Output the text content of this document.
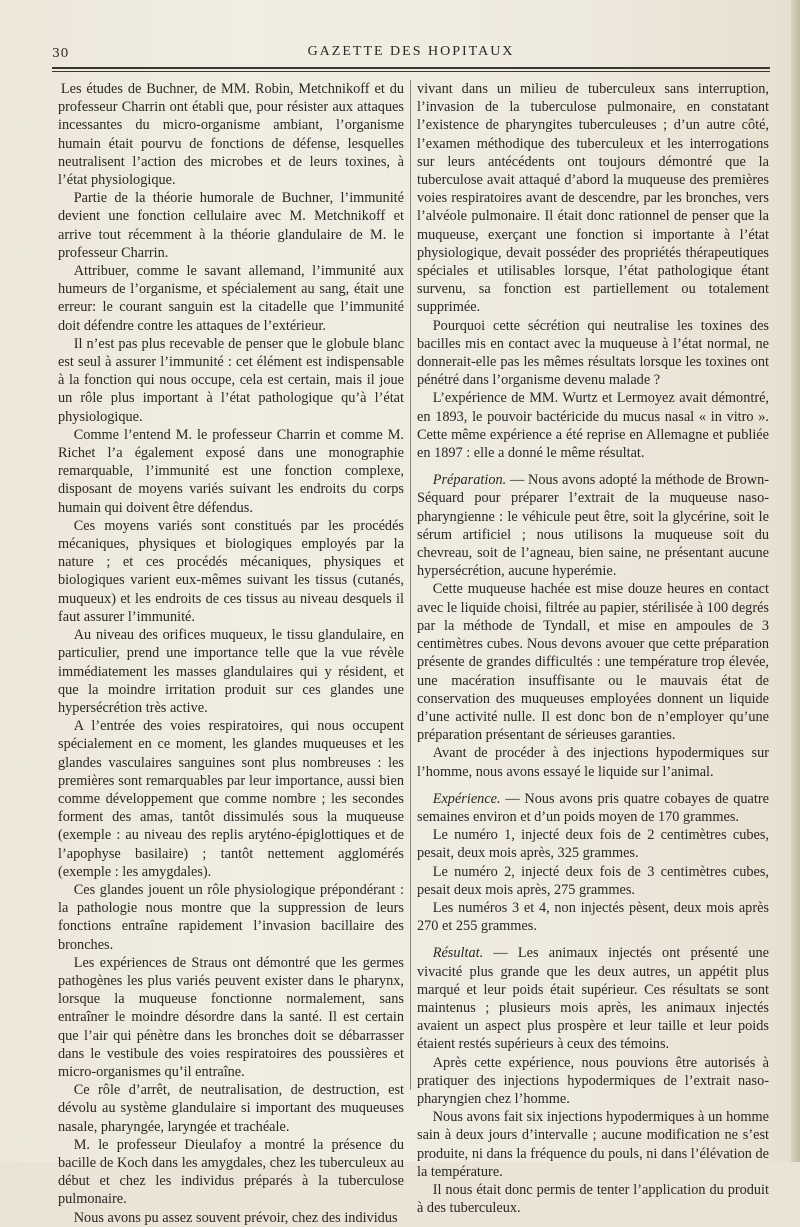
30	GAZETTE DES HOPITAUX

Les études de Buchner, de MM. Robin, Metchnikoff et du professeur Charrin ont établi que, pour résister aux attaques incessantes du micro-organisme ambiant, l’organisme humain était pourvu de fonctions de défense, lesquelles neutralisent l’action des microbes et de leurs toxines, à l’état physiologique.

Partie de la théorie humorale de Buchner, l’immunité devient une fonction cellulaire avec M. Metchnikoff et arrive tout récemment à la théorie glandulaire de M. le professeur Charrin.

Attribuer, comme le savant allemand, l’immunité aux humeurs de l’organisme, et spécialement au sang, était une erreur: le courant sanguin est la citadelle que l’immunité doit défendre contre les attaques de l’extérieur.

Il n’est pas plus recevable de penser que le globule blanc est seul à assurer l’immunité : cet élément est indispensable à la fonction qui nous occupe, cela est certain, mais il joue un rôle plus important à l’état pathologique qu’à l’état physiologique.

Comme l’entend M. le professeur Charrin et comme M. Richet l’a également exposé dans une monographie remarquable, l’immunité est une fonction complexe, disposant de moyens variés suivant les endroits du corps humain qui doivent être défendus.

Ces moyens variés sont constitués par les procédés mécaniques, physiques et biologiques employés par la nature ; et ces procédés mécaniques, physiques et biologiques varient eux-mêmes suivant les tissus (cutanés, muqueux) et les endroits de ces tissus au niveau desquels il faut assurer l’immunité.

Au niveau des orifices muqueux, le tissu glandulaire, en particulier, prend une importance telle que la vue révèle immédiatement les masses glandulaires qui y résident, et que la moindre irritation produit sur ces glandes une hypersécrétion très active.

A l’entrée des voies respiratoires, qui nous occupent spécialement en ce moment, les glandes muqueuses et les glandes vasculaires sanguines sont plus nombreuses : les premières sont remarquables par leur importance, aussi bien comme développement que comme nombre ; les secondes forment des amas, tantôt dissimulés sous la muqueuse (exemple : au niveau des replis aryténo-épiglottiques et de l’apophyse basilaire) ; tantôt nettement agglomérés (exemple : les amygdales).

Ces glandes jouent un rôle physiologique prépondérant : la pathologie nous montre que la suppression de leurs fonctions entraîne rapidement l’invasion bacillaire des bronches.

Les expériences de Straus ont démontré que les germes pathogènes les plus variés peuvent exister dans le pharynx, lorsque la muqueuse fonctionne normalement, sans entraîner le moindre désordre dans la santé. Il est certain que l’air qui pénètre dans les bronches doit se débarrasser dans le vestibule des voies respiratoires des poussières et micro-organismes qu’il entraîne.

Ce rôle d’arrêt, de neutralisation, de destruction, est dévolu au système glandulaire si important des muqueuses nasale, pharyngée, laryngée et trachéale.

M. le professeur Dieulafoy a montré la présence du bacille de Koch dans les amygdales, chez les tuberculeux au début et chez les individus préparés à la tuberculose pulmonaire.

Nous avons pu assez souvent prévoir, chez des individus

vivant dans un milieu de tuberculeux sans interruption, l’invasion de la tuberculose pulmonaire, en constatant l’existence de pharyngites tuberculeuses ; d’un autre côté, l’examen méthodique des tuberculeux et les interrogations sur leurs antécédents ont toujours démontré que la tuberculose avait attaqué d’abord la muqueuse des premières voies respiratoires avant de descendre, par les bronches, vers l’alvéole pulmonaire. Il était donc rationnel de penser que la muqueuse, exerçant une fonction si importante à l’état physiologique, devait posséder des propriétés thérapeutiques spéciales et utilisables lorsque, l’état pathologique étant survenu, sa fonction est partiellement ou totalement supprimée.

Pourquoi cette sécrétion qui neutralise les toxines des bacilles mis en contact avec la muqueuse à l’état normal, ne donnerait-elle pas les mêmes résultats lorsque les toxines ont pénétré dans l’organisme devenu malade ?

L’expérience de MM. Wurtz et Lermoyez avait démontré, en 1893, le pouvoir bactéricide du mucus nasal « in vitro ». Cette même expérience a été reprise en Allemagne et publiée en 1897 : elle a donné le même résultat.

Préparation. — Nous avons adopté la méthode de Brown-Séquard pour préparer l’extrait de la muqueuse naso-pharyngienne : le véhicule peut être, soit la glycérine, soit le sérum artificiel ; nous utilisons la muqueuse soit du chevreau, soit de l’agneau, bien saine, ne présentant aucune hypersécrétion, aucune hyperémie.

Cette muqueuse hachée est mise douze heures en contact avec le liquide choisi, filtrée au papier, stérilisée à 100 degrés par la méthode de Tyndall, et mise en ampoules de 3 centimètres cubes. Nous devons avouer que cette préparation présente de grandes difficultés : une température trop élevée, une macération insuffisante ou le mauvais état de conservation des muqueuses employées donnent un liquide d’une activité nulle. Il est donc bon de n’employer qu’une préparation présentant de sérieuses garanties.

Avant de procéder à des injections hypodermiques sur l’homme, nous avons essayé le liquide sur l’animal.

Expérience. — Nous avons pris quatre cobayes de quatre semaines environ et d’un poids moyen de 170 grammes.

Le numéro 1, injecté deux fois de 2 centimètres cubes, pesait, deux mois après, 325 grammes.

Le numéro 2, injecté deux fois de 3 centimètres cubes, pesait deux mois après, 275 grammes.

Les numéros 3 et 4, non injectés pèsent, deux mois après 270 et 255 grammes.

Résultat. — Les animaux injectés ont présenté une vivacité plus grande que les deux autres, un appétit plus marqué et leur poids était supérieur. Ces résultats se sont maintenus ; plusieurs mois après, les animaux injectés avaient un aspect plus prospère et leur taille et leur poids étaient restés supérieurs à ceux des témoins.

Après cette expérience, nous pouvions être autorisés à pratiquer des injections hypodermiques de l’extrait naso-pharyngien chez l’homme.

Nous avons fait six injections hypodermiques à un homme sain à deux jours d’intervalle ; aucune modification ne s’est produite, ni dans la fréquence du pouls, ni dans l’élévation de la température.

Il nous était donc permis de tenter l’application du produit à des tuberculeux.
